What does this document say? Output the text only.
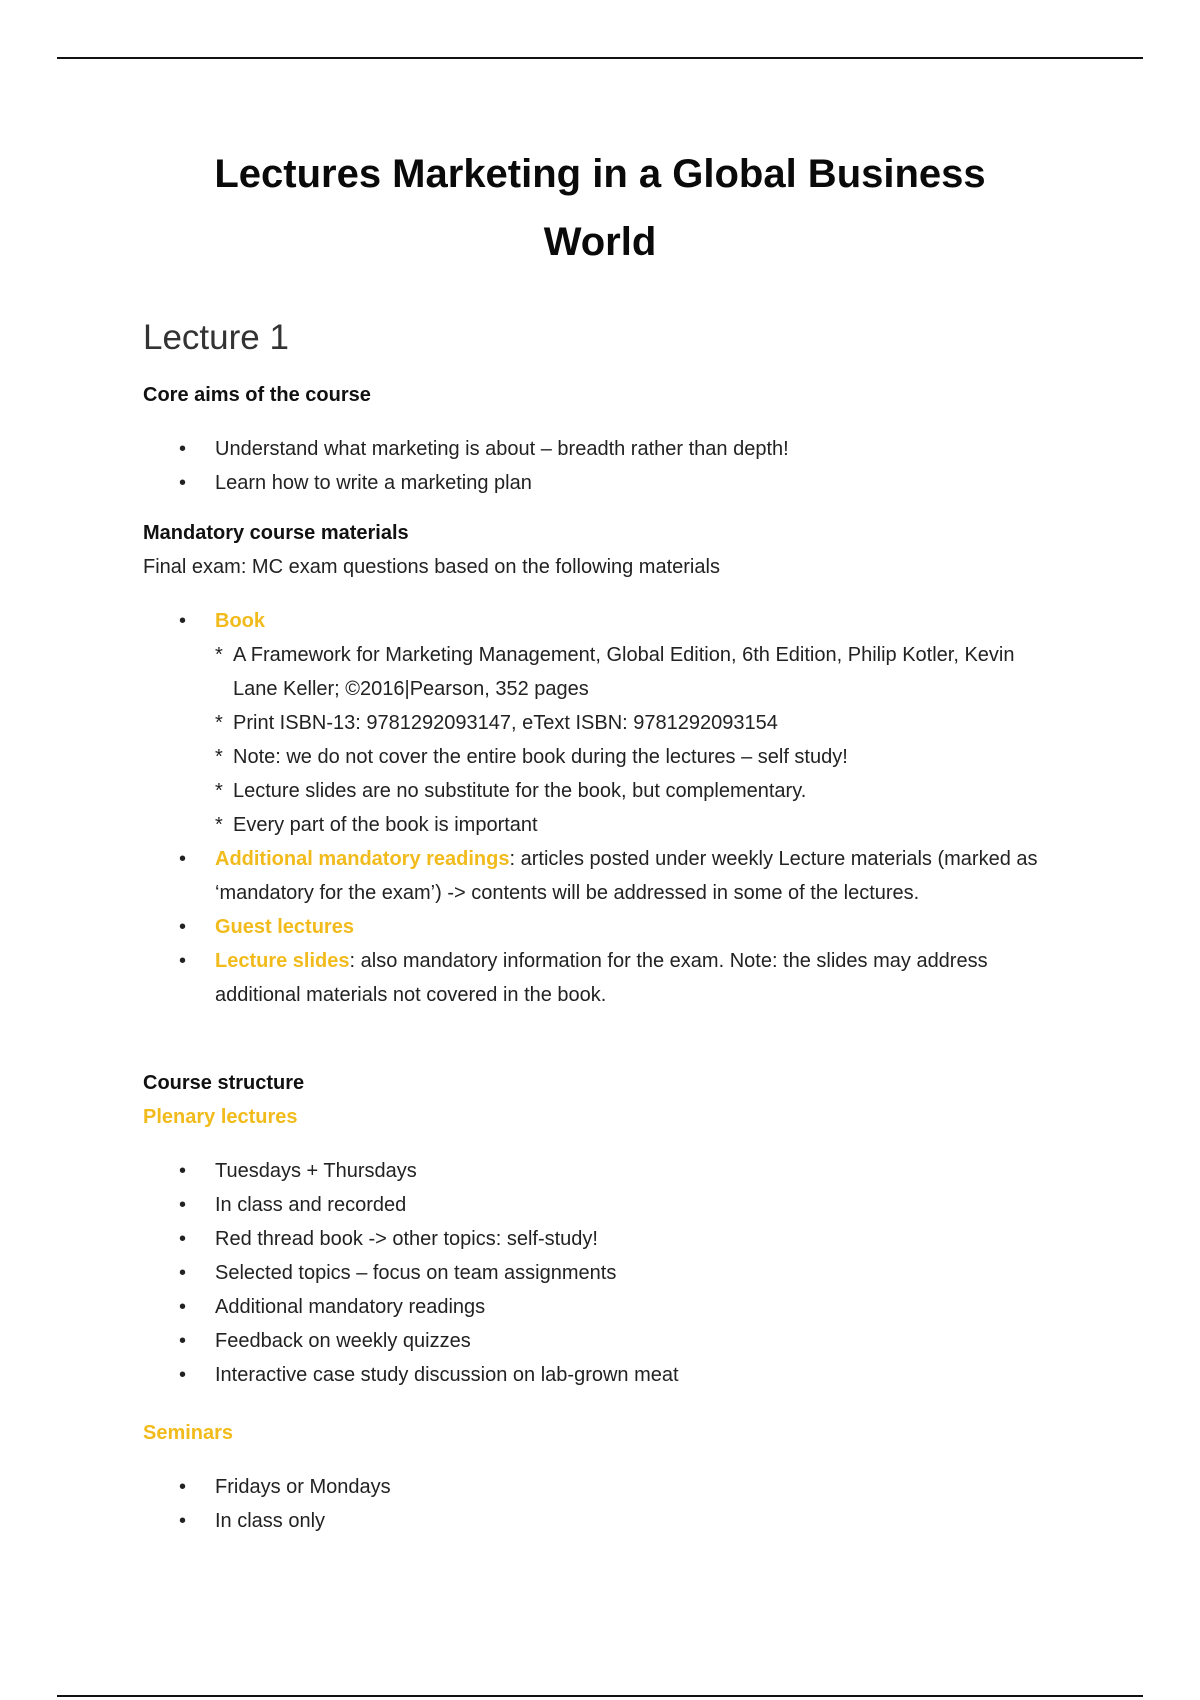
Lectures Marketing in a Global Business World
Lecture 1
Core aims of the course
• Understand what marketing is about – breadth rather than depth!
• Learn how to write a marketing plan
Mandatory course materials
Final exam: MC exam questions based on the following materials
• Book
* A Framework for Marketing Management, Global Edition, 6th Edition, Philip Kotler, Kevin Lane Keller; ©2016|Pearson, 352 pages
* Print ISBN-13: 9781292093147, eText ISBN: 9781292093154
* Note: we do not cover the entire book during the lectures – self study!
* Lecture slides are no substitute for the book, but complementary.
* Every part of the book is important
• Additional mandatory readings: articles posted under weekly Lecture materials (marked as ‘mandatory for the exam’) -> contents will be addressed in some of the lectures.
• Guest lectures
• Lecture slides: also mandatory information for the exam. Note: the slides may address additional materials not covered in the book.
Course structure
Plenary lectures
• Tuesdays + Thursdays
• In class and recorded
• Red thread book -> other topics: self-study!
• Selected topics – focus on team assignments
• Additional mandatory readings
• Feedback on weekly quizzes
• Interactive case study discussion on lab-grown meat
Seminars
• Fridays or Mondays
• In class only
